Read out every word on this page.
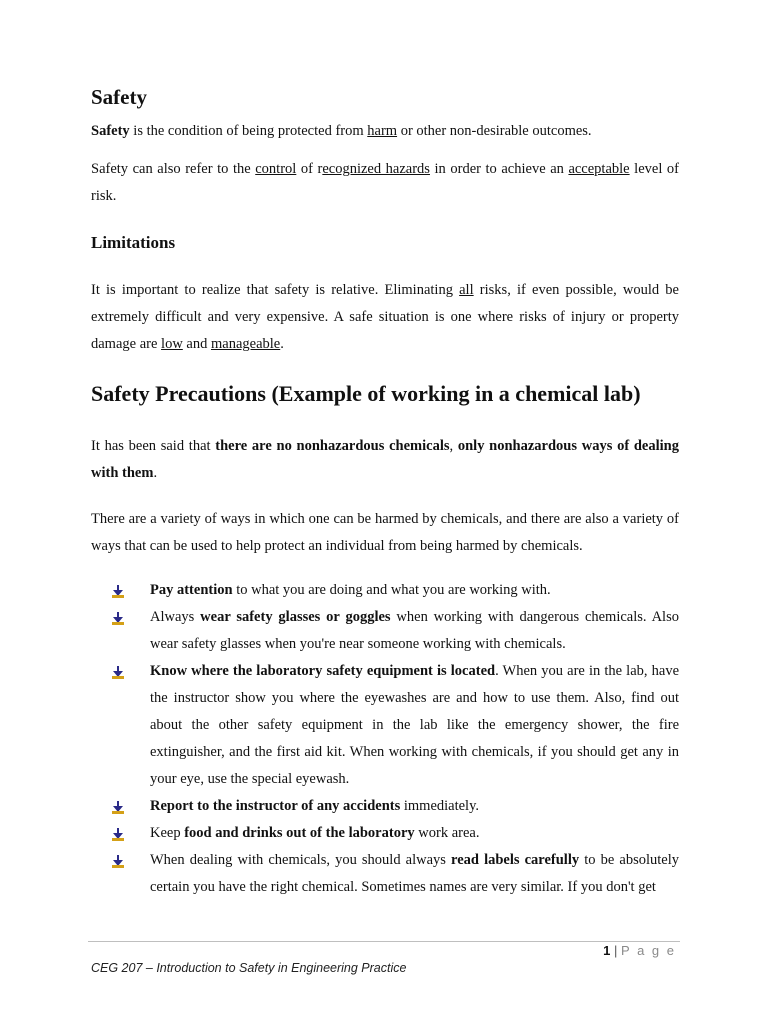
Safety

Safety is the condition of being protected from harm or other non-desirable outcomes.

Safety can also refer to the control of recognized hazards in order to achieve an acceptable level of risk.

Limitations

It is important to realize that safety is relative. Eliminating all risks, if even possible, would be extremely difficult and very expensive. A safe situation is one where risks of injury or property damage are low and manageable.

Safety Precautions (Example of working in a chemical lab)

It has been said that there are no nonhazardous chemicals, only nonhazardous ways of dealing with them.

There are a variety of ways in which one can be harmed by chemicals, and there are also a variety of ways that can be used to help protect an individual from being harmed by chemicals.

Pay attention to what you are doing and what you are working with.
Always wear safety glasses or goggles when working with dangerous chemicals. Also wear safety glasses when you're near someone working with chemicals.
Know where the laboratory safety equipment is located. When you are in the lab, have the instructor show you where the eyewashes are and how to use them. Also, find out about the other safety equipment in the lab like the emergency shower, the fire extinguisher, and the first aid kit. When working with chemicals, if you should get any in your eye, use the special eyewash.
Report to the instructor of any accidents immediately.
Keep food and drinks out of the laboratory work area.
When dealing with chemicals, you should always read labels carefully to be absolutely certain you have the right chemical. Sometimes names are very similar. If you don't get
1 | P a g e
CEG 207 – Introduction to Safety in Engineering Practice
